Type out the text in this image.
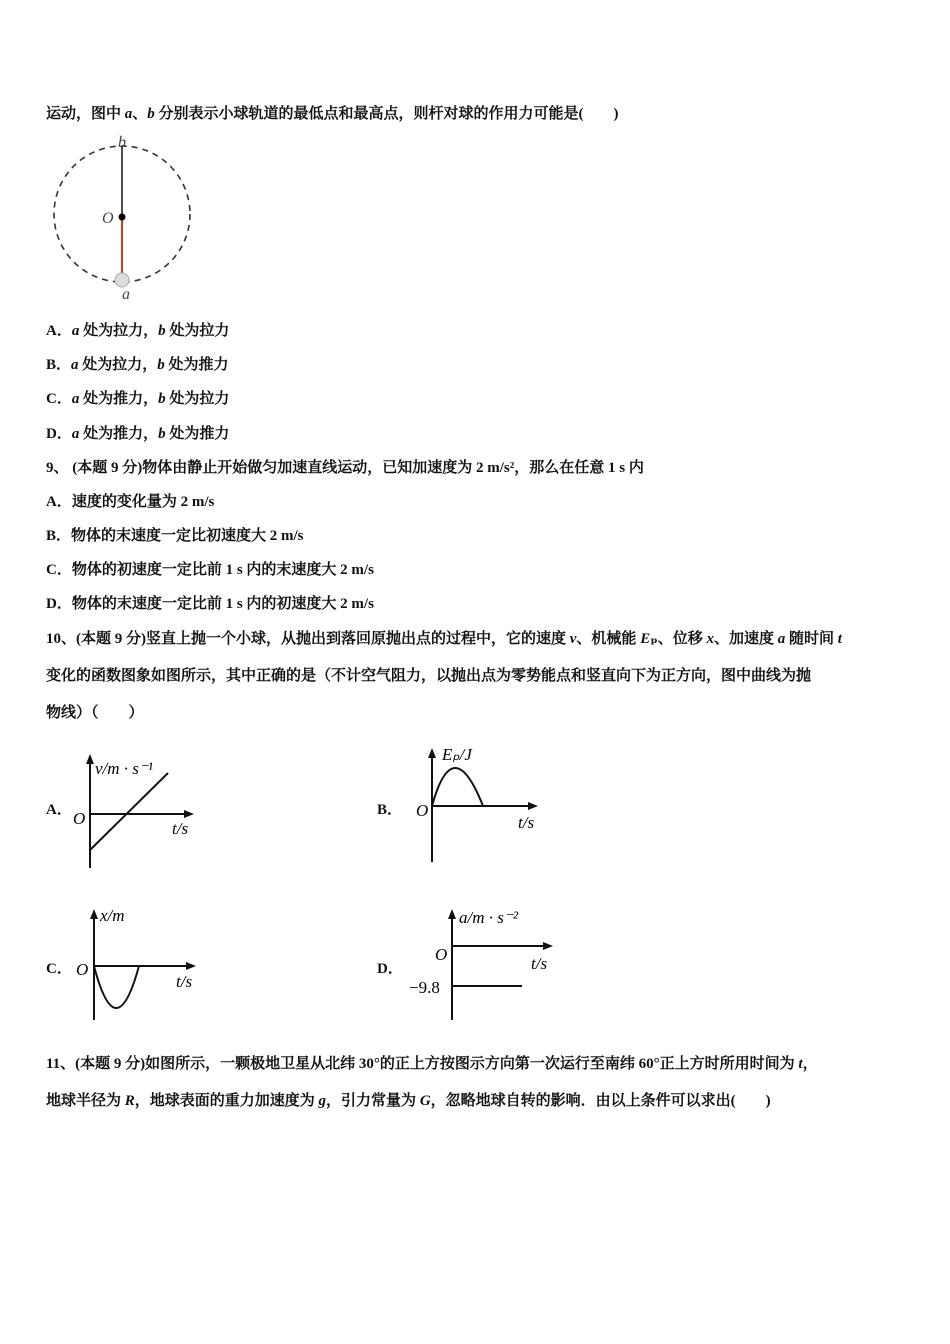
运动，图中 a、b 分别表示小球轨道的最低点和最高点，则杆对球的作用力可能是(　　)
A．a 处为拉力，b 处为拉力
B．a 处为拉力，b 处为推力
C．a 处为推力，b 处为拉力
D．a 处为推力，b 处为推力
9、 (本题 9 分)物体由静止开始做匀加速直线运动，已知加速度为 2 m/s²，那么在任意 1 s 内
A．速度的变化量为 2 m/s
B．物体的末速度一定比初速度大 2 m/s
C．物体的初速度一定比前 1 s 内的末速度大 2 m/s
D．物体的末速度一定比前 1 s 内的初速度大 2 m/s
10、(本题 9 分)竖直上抛一个小球，从抛出到落回原抛出点的过程中，它的速度 v、机械能 Eₚ、位移 x、加速度 a 随时间 t
变化的函数图象如图所示，其中正确的是（不计空气阻力，以抛出点为零势能点和竖直向下为正方向，图中曲线为抛
物线）（　　）
11、(本题 9 分)如图所示，一颗极地卫星从北纬 30°的正上方按图示方向第一次运行至南纬 60°正上方时所用时间为 t，
地球半径为 R，地球表面的重力加速度为 g，引力常量为 G，忽略地球自转的影响．由以上条件可以求出(　　)
b
O
a
A．
v/m · s⁻¹
O
t/s
B．
Eₚ/J
O
t/s
C．
x/m
O
t/s
D．
a/m · s⁻²
O	t/s
−9.8
